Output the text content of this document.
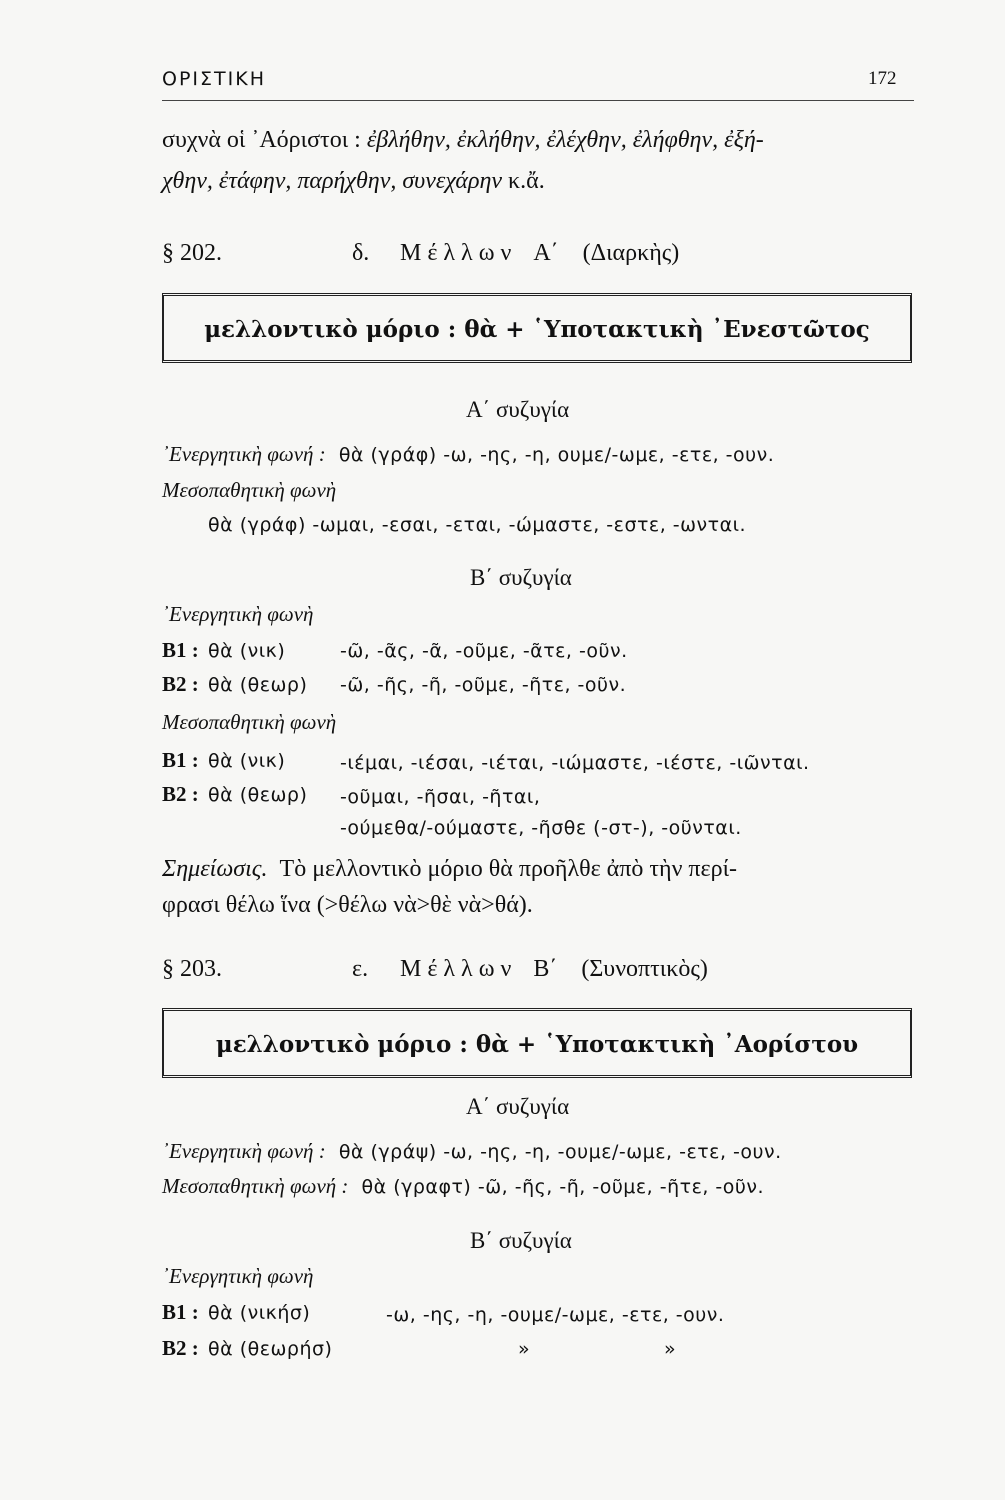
ΟΡΙΣΤΙΚΗ	172
συχνὰ οἱ ᾿Αόριστοι : ἐβλήθην, ἐκλήθην, ἐλέχθην, ἐλήφθην, ἐξή-
χθην, ἐτάφην, παρήχθην, συνεχάρην κ.ἄ.
§ 202.	δ. Μέλλων Α΄ (Διαρκὴς)
μελλοντικὸ μόριο : θὰ + ῾Υποτακτικὴ ᾿Ενεστῶτος
Α΄ συζυγία
᾿Ενεργητικὴ φωνή : θὰ (γράφ) -ω, -ης, -η, ουμε/-ωμε, -ετε, -ουν.
Μεσοπαθητικὴ φωνὴ
θὰ (γράφ) -ωμαι, -εσαι, -εται, -ώμαστε, -εστε, -ωνται.
Β΄ συζυγία
᾿Ενεργητικὴ φωνὴ
Β1 : θὰ (νικ)	-ῶ, -ᾶς, -ᾶ, -οῦμε, -ᾶτε, -οῦν.
Β2 : θὰ (θεωρ) -ῶ, -ῆς, -ῆ, -οῦμε, -ῆτε, -οῦν.
Μεσοπαθητικὴ φωνὴ
Β1 : θὰ (νικ)	-ιέμαι, -ιέσαι, -ιέται, -ιώμαστε, -ιέστε, -ιῶνται.
Β2 : θὰ (θεωρ) -οῦμαι, -ῆσαι, -ῆται,
-ούμεθα/-ούμαστε, -ῆσθε (-στ-), -οῦνται.
Σημείωσις. Τὸ μελλοντικὸ μόριο θὰ προῆλθε ἀπὸ τὴν περί-
φρασι θέλω ἵνα (>θέλω νὰ>θὲ νὰ>θά).
§ 203.	ε. Μέλλων Β΄ (Συνοπτικὸς)
μελλοντικὸ μόριο : θὰ + ῾Υποτακτικὴ ᾿Αορίστου
Α΄ συζυγία
᾿Ενεργητικὴ φωνή : θὰ (γράψ) -ω, -ης, -η, -ουμε/-ωμε, -ετε, -ουν.
Μεσοπαθητικὴ φωνή : θὰ (γραφτ) -ῶ, -ῆς, -ῆ, -οῦμε, -ῆτε, -οῦν.
Β΄ συζυγία
᾿Ενεργητικὴ φωνὴ
Β1 : θὰ (νικήσ)	-ω, -ης, -η, -ουμε/-ωμε, -ετε, -ουν.
Β2 : θὰ (θεωρήσ)	»	»
